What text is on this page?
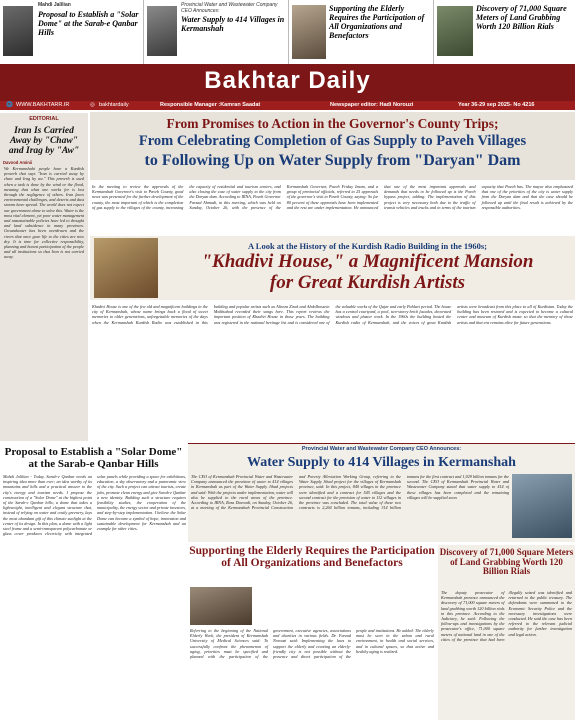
Mahdi Jalilian
Proposal to Establish a "Solar Dome" at the Sarab-e Qanbar Hills
Provincial Water and Wastewater Company CEO Announces:
Water Supply to 414 Villages in Kermanshah
Supporting the Elderly Requires the Participation of All Organizations and Benefactors
Discovery of 71,000 Square Meters of Land Grabbing Worth 120 Billion Rials
Bakhtar Daily
🌐 WWW.BAKHTARR.IR	◎ bakhtardaily	Responsible Manager :Kamran Saadat	Newspaper editor: Hadi Norouzi	Year 36-29 sep 2025- No 4216
EDITORIAL
Iran Is Carried Away by "Chaw" and Irag by "Aw"
Davood Aminii
We Kermanshahi people have a Kurdish proverb that says "Iran is carried away by chaw and Irag by aw." This proverb is used when a task is done by the wind or the flood, meaning that what one works for is lost through the negligence of others. Iran faces environmental challenges, and deserts and dust storms have spread. The world does not expect our government alone to solve this. Water is the most vital element, yet poor water management and unsustainable policies have led to drought and land subsidence in many provinces. Groundwater has been overdrawn and the rivers that once gave life to the cities are now dry. It is time for collective responsibility, planning and honest participation of the people and all institutions so that Iran is not carried away.
From Promises to Action in the Governor's County Trips;
From Celebrating Completion of Gas Supply to Paveh Villages
to Following Up on Water Supply from "Daryan" Dam
In the meeting to review the approvals of the Kermanshah Governor's visit to Paveh County, good news was presented for the further development of the county, the most important of which is the completion of gas supply to the villages of the county, increasing the capacity of residential and tourism centers, and also closing the case of water supply to the city from the Daryan dam. According to IRNA, Paveh Governor Farzad Ahmadi, in this meeting, which was held on Sunday, October 26, with the presence of the Kermanshah Governor, Paveh Friday Imam, and a group of provincial officials, referred to 25 approvals of the governor's visit to Paveh County, saying: So far 80 percent of these approvals have been implemented and the rest are under implementation. He announced that one of the most important approvals and demands that needs to be followed up is the Paveh bypass project, adding: The implementation of this project is very necessary both due to the traffic of transit vehicles and trucks and in terms of the tourism capacity that Paveh has. The mayor also emphasized that one of the priorities of the city is water supply from the Daryan dam and that the case should be followed up until the final result is achieved by the responsible authorities.
A Look at the History of the Kurdish Radio Building in the 1960s;
"Khadivi House," a Magnificent Mansion
for Great Kurdish Artists
Khadivi House is one of the few old and magnificent buildings in the city of Kermanshah, whose name brings back a flood of sweet memories to older generations, unforgettable memories of the days when the Kermanshah Kurdish Radio was established in this building and popular artists such as Alireza Zirak and Abdolhossein Mokhtabad recorded their songs here. This report reviews the important position of Khadivi House in those years. The building was registered in the national heritage list and is considered one of the valuable works of the Qajar and early Pahlavi period. The house has a central courtyard, a pool, two-storey brick facades, decorated windows and plaster work. In the 1960s the building hosted the Kurdish radio of Kermanshah, and the voices of great Kurdish artists were broadcast from this place to all of Kurdistan. Today the building has been restored and is expected to become a cultural center and museum of Kurdish music so that the memory of those artists and that era remains alive for future generations.
Proposal to Establish a "Solar Dome" at the Sarab-e Qanbar Hills
Mahdi Jalilian - Today, Sarab-e Qanbar needs an inspiring idea more than ever; an idea worthy of its mountains and hills and a practical answer to the city's energy and tourism needs. I propose the construction of a "Solar Dome" at the highest point of the Sarab-e Qanbar hills; a dome that takes a lightweight, intelligent and elegant structure that, instead of relying on water and costly greenery, lays the most abundant gift of this climate sunlight at the center of its design. In this plan, a dome with a light steel frame and a semi-transparent polycarbonate or glass cover produces electricity with integrated solar panels while providing a space for exhibitions, education, a sky observatory and a panoramic view of the city. Such a project can attract tourists, create jobs, promote clean energy and give Sarab-e Qanbar a new identity. Building such a structure requires feasibility studies, the cooperation of the municipality, the energy sector and private investors, and step-by-step implementation. I believe the Solar Dome can become a symbol of hope, innovation and sustainable development for Kermanshah and an example for other cities.
Provincial Water and Wastewater Company CEO Announces:
Water Supply to 414 Villages in Kermanshah
The CEO of Kermanshah Provincial Water and Wastewater Company announced the provision of water to 414 villages in Kermanshah as part of the Water Supply Jihad projects and said: With the projects under implementation, water will also be supplied to the rural areas of the province. According to IRNA, Reza Davoodi, on Sunday, October 26, at a meeting of the Kermanshah Provincial Construction and Poverty Alleviation Working Group, referring to the Water Supply Jihad project for the villages of Kermanshah province, said: In this project, 840 villages in the province were identified and a contract for 545 villages and the second contract for the provision of water to 112 villages in the province was concluded. The total value of these two contracts is 2,260 billion tomans, including 314 billion tomans for the first contract and 1,929 billion tomans for the second. The CEO of Kermanshah Provincial Water and Wastewater Company stated that water supply to 414 of these villages has been completed and the remaining villages will be supplied soon.
Supporting the Elderly Requires the Participation of All Organizations and Benefactors
Referring to the beginning of the National Elderly Week, the president of Kermanshah University of Medical Sciences said: To successfully confront the phenomenon of aging, priorities must be specified and planned with the participation of the government, executive agencies, associations and charities in various fields. Dr. Farzad Norouzi said: Implementing the laws to support the elderly and creating an elderly-friendly city is not possible without the presence and direct participation of the people and institutions. He added: The elderly must be seen in the urban and rural environment, in health and social services, and in cultural spaces, so that active and healthy aging is realized.
Discovery of 71,000 Square Meters of Land Grabbing Worth 120 Billion Rials
The deputy prosecutor of Kermanshah province announced the discovery of 71,000 square meters of land grabbing worth 120 billion rials in this province. According to the Judiciary, he said: Following the follow-ups and investigations by the prosecutor's office, 71,000 square meters of national land in one of the cities of the province that had been illegally seized was identified and returned to the public treasury. The defendants were summoned to the Economic Security Police and the necessary investigations were conducted. He said the case has been referred to the relevant judicial authority for further investigation and legal action.
